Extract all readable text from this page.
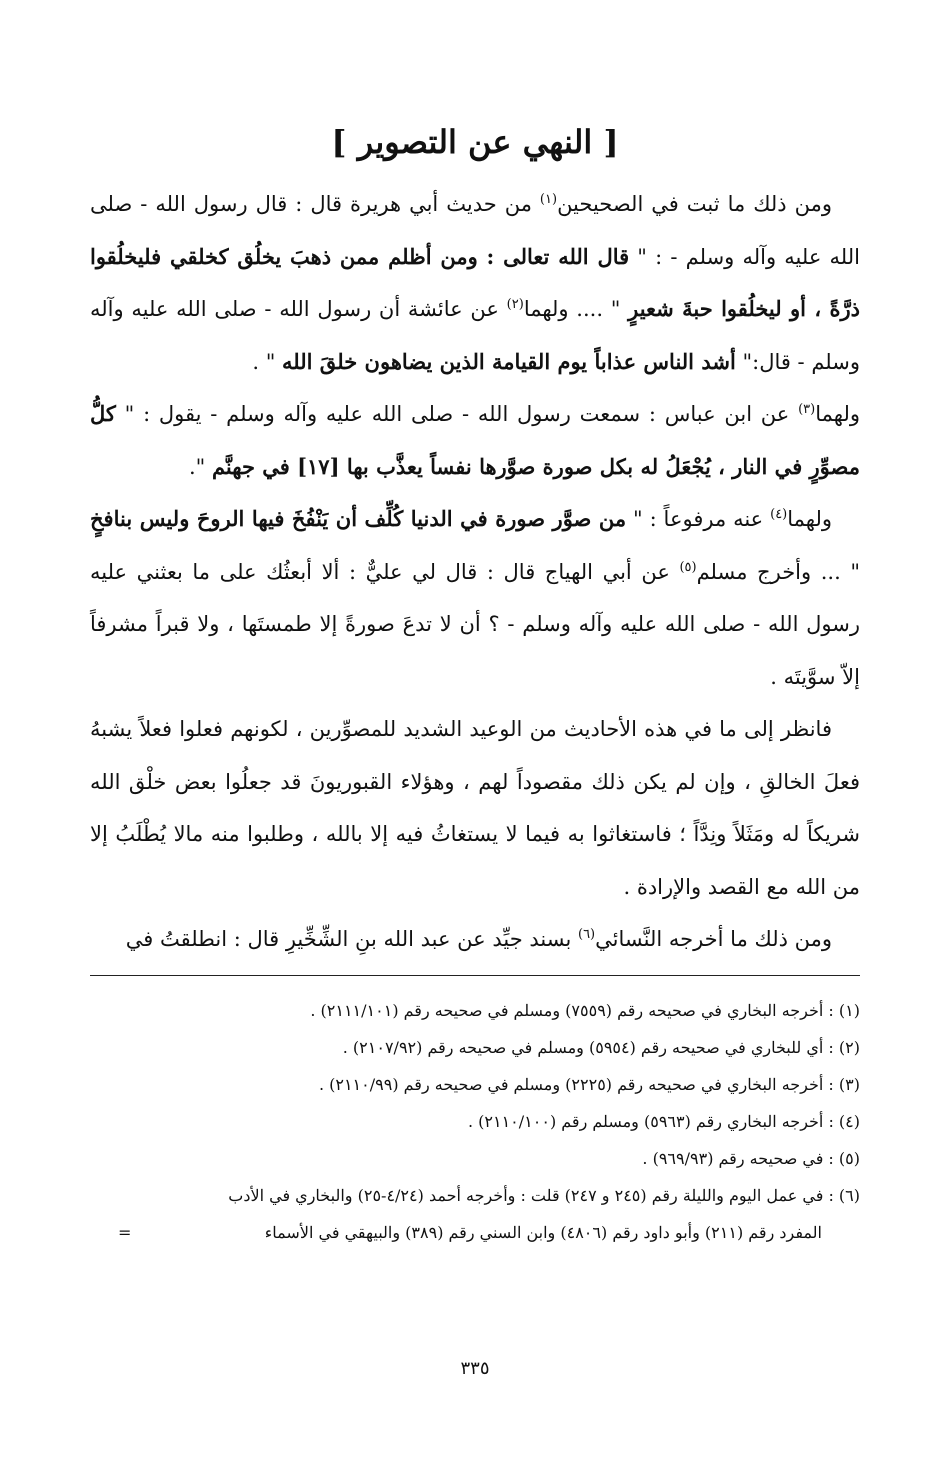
[ النهي عن التصوير ]

ومن ذلك ما ثبت في الصحيحين$^{(١)}$ من حديث أبي هريرة قال : قال رسول الله - صلى الله عليه وآله وسلم - : " قال الله تعالى : ومن أظلم ممن ذهبَ يخلُق كخلقي فليخلُقوا ذرَّةً ، أو ليخلُقوا حبةَ شعيرٍ " .... ولهما$^{(٢)}$ عن عائشة أن رسول الله - صلى الله عليه وآله وسلم - قال:" أشد الناس عذاباً يوم القيامة الذين يضاهون خلقَ الله " .

ولهما$^{(٣)}$ عن ابن عباس : سمعت رسول الله - صلى الله عليه وآله وسلم - يقول : " كلُّ مصوِّرٍ في النار ، يُجْعَلُ له بكل صورة صوَّرها نفساً يعذَّب بها [١٧] في جهنَّم ".

ولهما$^{(٤)}$ عنه مرفوعاً : " من صوَّر صورة في الدنيا كُلِّف أن يَنْفُخَ فيها الروحَ وليس بنافخٍ " ... وأخرج مسلم$^{(٥)}$ عن أبي الهياج قال : قال لي عليٌّ : ألا أبعثُك على ما بعثني عليه رسول الله - صلى الله عليه وآله وسلم - ؟ أن لا تدعَ صورةً إلا طمستَها ، ولا قبراً مشرفاً إلاّ سوَّيتَه .

فانظر إلى ما في هذه الأحاديث من الوعيد الشديد للمصوِّرين ، لكونهم فعلوا فعلاً يشبهُ فعلَ الخالقِ ، وإن لم يكن ذلك مقصوداً لهم ، وهؤلاء القبوريونَ قد جعلُوا بعض خلْق الله شريكاً له ومَثَلاً ونِدَّاً ؛ فاستغاثوا به فيما لا يستغاثُ فيه إلا بالله ، وطلبوا منه مالا يُطْلَبُ إلا من الله مع القصد والإرادة .

ومن ذلك ما أخرجه النَّسائي$^{(٦)}$ بسند جيِّد عن عبد الله بنِ الشِّخِّيرِ قال : انطلقتُ في

(١) : أخرجه البخاري في صحيحه رقم (٧٥٥٩) ومسلم في صحيحه رقم (٢١١١/١٠١) .

(٢) : أي للبخاري في صحيحه رقم (٥٩٥٤) ومسلم في صحيحه رقم (٢١٠٧/٩٢) .

(٣) : أخرجه البخاري في صحيحه رقم (٢٢٢٥) ومسلم في صحيحه رقم (٢١١٠/٩٩) .

(٤) : أخرجه البخاري رقم (٥٩٦٣) ومسلم رقم (٢١١٠/١٠٠) .

(٥) : في صحيحه رقم (٩٦٩/٩٣) .

(٦) : في عمل اليوم والليلة رقم (٢٤٥ و ٢٤٧) قلت : وأخرجه أحمد (٤/٢٤-٢٥) والبخاري في الأدب

المفرد رقم (٢١١) وأبو داود رقم (٤٨٠٦) وابن السني رقم (٣٨٩) والبيهقي في الأسماء
=
٣٣٥
